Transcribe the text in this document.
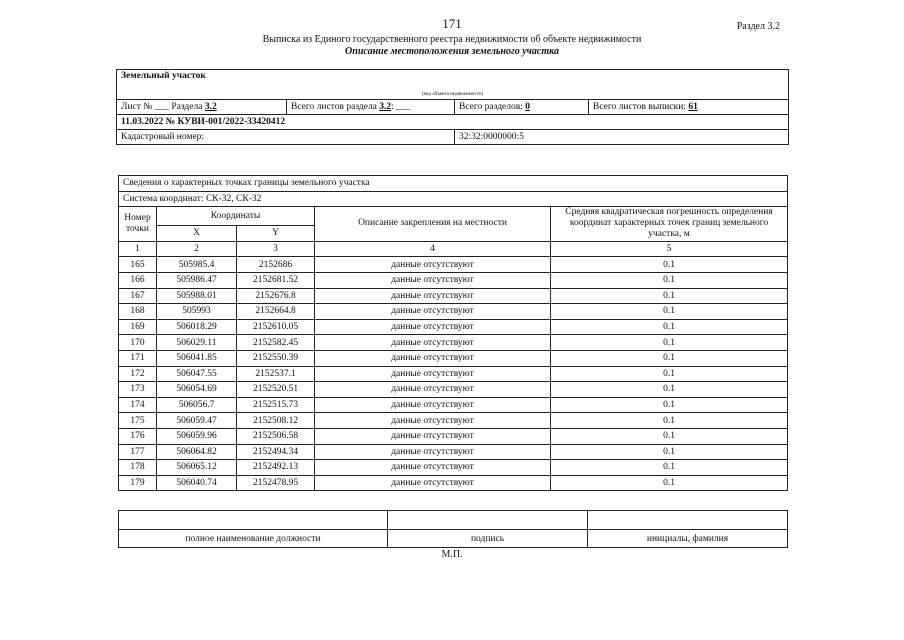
171	Раздел 3.2
Выписка из Единого государственного реестра недвижимости об объекте недвижимости
Описание местоположения земельного участка
Земельный участок			
(вид объекта недвижимости)			
Лист № ___ Раздела 3.2	Всего листов раздела 3.2: ___	Всего разделов: 0	Всего листов выписки: 61
11.03.2022 № КУВИ-001/2022-33420412			
Кадастровый номер:		32:32:0000000:5	
Сведения о характерных точках границы земельного участка				
Система координат: СК-32, СК-32				
Номер точки	Координаты		Описание закрепления на местности	Средняя квадратическая погрешность определения координат характерных точек границ земельного участка, м
	X	Y		
1	2	3	4	5
165	505985.4	2152686	данные отсутствуют	0.1
166	505986.47	2152681.52	данные отсутствуют	0.1
167	505988.01	2152676.8	данные отсутствуют	0.1
168	505993	2152664.8	данные отсутствуют	0.1
169	506018.29	2152610.05	данные отсутствуют	0.1
170	506029.11	2152582.45	данные отсутствуют	0.1
171	506041.85	2152550.39	данные отсутствуют	0.1
172	506047.55	2152537.1	данные отсутствуют	0.1
173	506054.69	2152520.51	данные отсутствуют	0.1
174	506056.7	2152515.73	данные отсутствуют	0.1
175	506059.47	2152508.12	данные отсутствуют	0.1
176	506059.96	2152506.58	данные отсутствуют	0.1
177	506064.82	2152494.34	данные отсутствуют	0.1
178	506065.12	2152492.13	данные отсутствуют	0.1
179	506040.74	2152478.95	данные отсутствуют	0.1

полное наименование должности	подпись	инициалы, фамилия
М.П.
